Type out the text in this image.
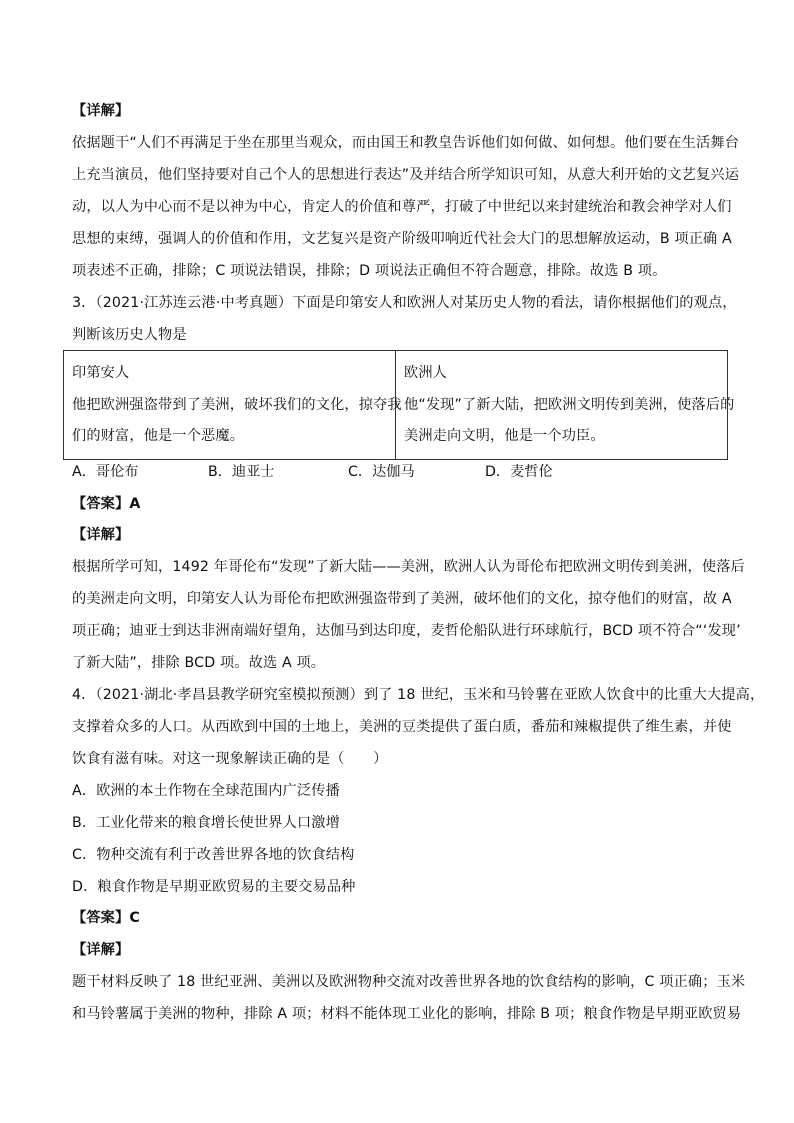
【详解】
依据题干“人们不再满足于坐在那里当观众，而由国王和教皇告诉他们如何做、如何想。他们要在生活舞台
上充当演员，他们坚持要对自己个人的思想进行表达”及并结合所学知识可知，从意大利开始的文艺复兴运
动，以人为中心而不是以神为中心，肯定人的价值和尊严，打破了中世纪以来封建统治和教会神学对人们
思想的束缚，强调人的价值和作用，文艺复兴是资产阶级叩响近代社会大门的思想解放运动，B 项正确 A
项表述不正确，排除；C 项说法错误，排除；D 项说法正确但不符合题意，排除。故选 B 项。
3．（2021·江苏连云港·中考真题）下面是印第安人和欧洲人对某历史人物的看法，请你根据他们的观点，
判断该历史人物是
印第安人
他把欧洲强盗带到了美洲，破坏我们的文化，掠夺我
们的财富，他是一个恶魔。

欧洲人
他“发现”了新大陆，把欧洲文明传到美洲，使落后的
美洲走向文明，他是一个功臣。
A．哥伦布	B．迪亚士	C．达伽马	D．麦哲伦
【答案】A
【详解】
根据所学可知，1492 年哥伦布“发现”了新大陆——美洲，欧洲人认为哥伦布把欧洲文明传到美洲，使落后
的美洲走向文明，印第安人认为哥伦布把欧洲强盗带到了美洲，破坏他们的文化，掠夺他们的财富，故 A
项正确；迪亚士到达非洲南端好望角，达伽马到达印度，麦哲伦船队进行环球航行，BCD 项不符合“‘发现’
了新大陆”，排除 BCD 项。故选 A 项。
4．（2021·湖北·孝昌县教学研究室模拟预测）到了 18 世纪，玉米和马铃薯在亚欧人饮食中的比重大大提高，
支撑着众多的人口。从西欧到中国的土地上，美洲的豆类提供了蛋白质，番茄和辣椒提供了维生素，并使
饮食有滋有味。对这一现象解读正确的是（　　）
A．欧洲的本土作物在全球范围内广泛传播
B．工业化带来的粮食增长使世界人口激增
C．物种交流有利于改善世界各地的饮食结构
D．粮食作物是早期亚欧贸易的主要交易品种
【答案】C
【详解】
题干材料反映了 18 世纪亚洲、美洲以及欧洲物种交流对改善世界各地的饮食结构的影响，C 项正确；玉米
和马铃薯属于美洲的物种，排除 A 项；材料不能体现工业化的影响，排除 B 项；粮食作物是早期亚欧贸易
